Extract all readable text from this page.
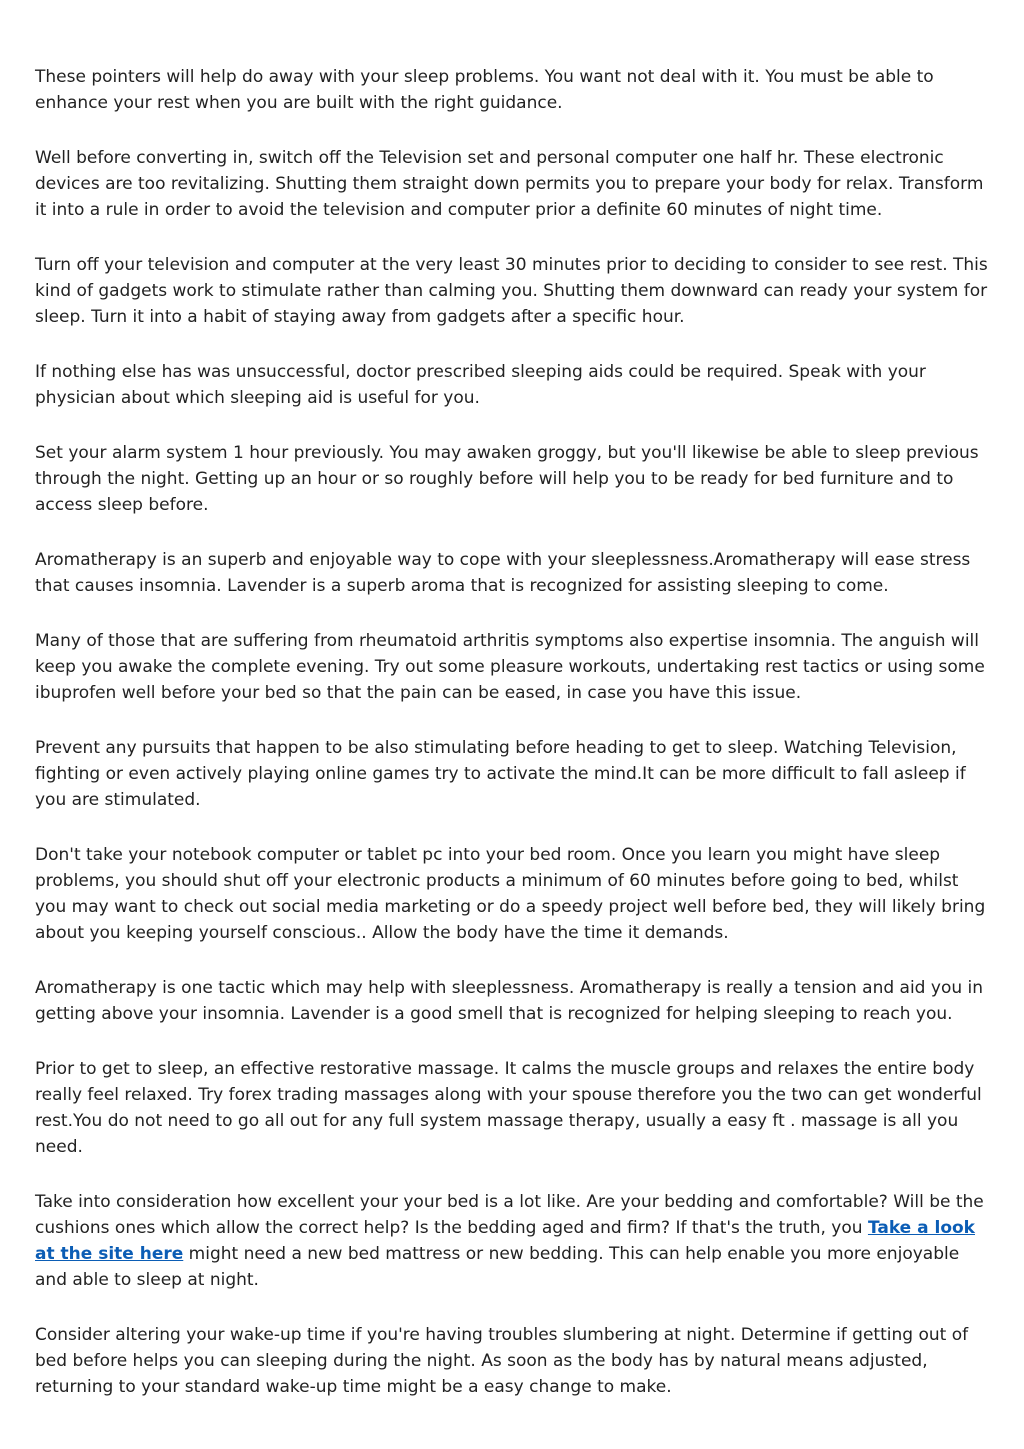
These pointers will help do away with your sleep problems. You want not deal with it. You must be able to enhance your rest when you are built with the right guidance.

Well before converting in, switch off the Television set and personal computer one half hr. These electronic devices are too revitalizing. Shutting them straight down permits you to prepare your body for relax. Transform it into a rule in order to avoid the television and computer prior a definite 60 minutes of night time.

Turn off your television and computer at the very least 30 minutes prior to deciding to consider to see rest. This kind of gadgets work to stimulate rather than calming you. Shutting them downward can ready your system for sleep. Turn it into a habit of staying away from gadgets after a specific hour.

If nothing else has was unsuccessful, doctor prescribed sleeping aids could be required. Speak with your physician about which sleeping aid is useful for you.

Set your alarm system 1 hour previously. You may awaken groggy, but you'll likewise be able to sleep previous through the night. Getting up an hour or so roughly before will help you to be ready for bed furniture and to access sleep before.

Aromatherapy is an superb and enjoyable way to cope with your sleeplessness.Aromatherapy will ease stress that causes insomnia. Lavender is a superb aroma that is recognized for assisting sleeping to come.

Many of those that are suffering from rheumatoid arthritis symptoms also expertise insomnia. The anguish will keep you awake the complete evening. Try out some pleasure workouts, undertaking rest tactics or using some ibuprofen well before your bed so that the pain can be eased, in case you have this issue.

Prevent any pursuits that happen to be also stimulating before heading to get to sleep. Watching Television, fighting or even actively playing online games try to activate the mind.It can be more difficult to fall asleep if you are stimulated.

Don't take your notebook computer or tablet pc into your bed room. Once you learn you might have sleep problems, you should shut off your electronic products a minimum of 60 minutes before going to bed, whilst you may want to check out social media marketing or do a speedy project well before bed, they will likely bring about you keeping yourself conscious.. Allow the body have the time it demands.

Aromatherapy is one tactic which may help with sleeplessness. Aromatherapy is really a tension and aid you in getting above your insomnia. Lavender is a good smell that is recognized for helping sleeping to reach you.

Prior to get to sleep, an effective restorative massage. It calms the muscle groups and relaxes the entire body really feel relaxed. Try forex trading massages along with your spouse therefore you the two can get wonderful rest.You do not need to go all out for any full system massage therapy, usually a easy ft . massage is all you need.

Take into consideration how excellent your your bed is a lot like. Are your bedding and comfortable? Will be the cushions ones which allow the correct help? Is the bedding aged and firm? If that's the truth, you Take a look at the site here might need a new bed mattress or new bedding. This can help enable you more enjoyable and able to sleep at night.

Consider altering your wake-up time if you're having troubles slumbering at night. Determine if getting out of bed before helps you can sleeping during the night. As soon as the body has by natural means adjusted, returning to your standard wake-up time might be a easy change to make.
